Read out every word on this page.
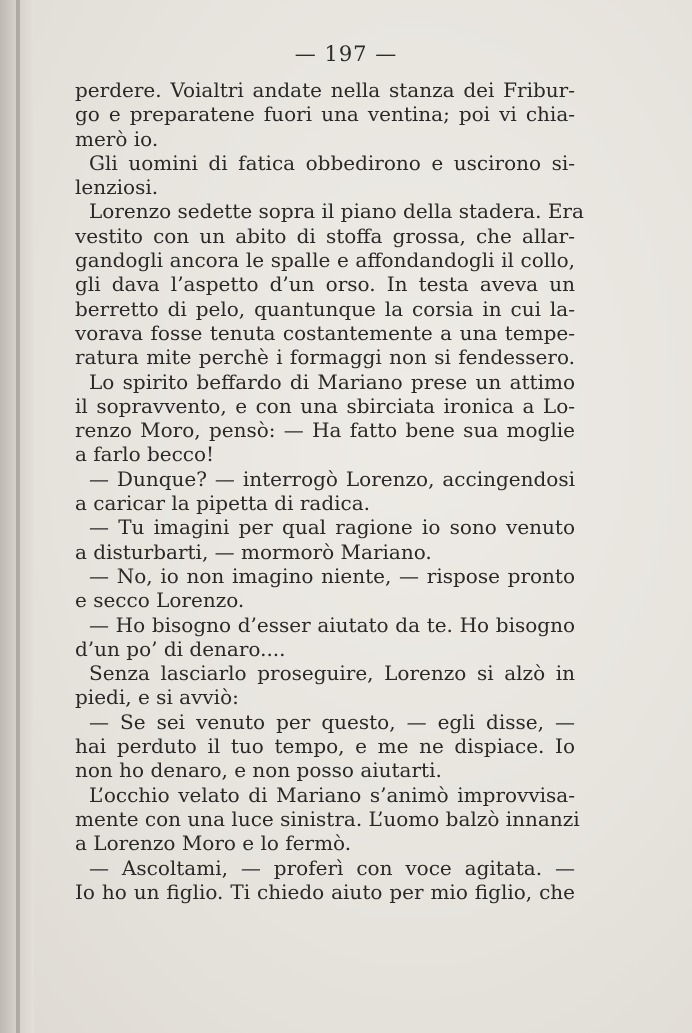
— 197 —
perdere. Voialtri andate nella stanza dei Fribur-
go e preparatene fuori una ventina; poi vi chia-
merò io.
Gli uomini di fatica obbedirono e uscirono si-
lenziosi.
Lorenzo sedette sopra il piano della stadera. Era
vestito con un abito di stoffa grossa, che allar-
gandogli ancora le spalle e affondandogli il collo,
gli dava l’aspetto d’un orso. In testa aveva un
berretto di pelo, quantunque la corsia in cui la-
vorava fosse tenuta costantemente a una tempe-
ratura mite perchè i formaggi non si fendessero.
Lo spirito beffardo di Mariano prese un attimo
il sopravvento, e con una sbirciata ironica a Lo-
renzo Moro, pensò: — Ha fatto bene sua moglie
a farlo becco!
— Dunque? — interrogò Lorenzo, accingendosi
a caricar la pipetta di radica.
— Tu imagini per qual ragione io sono venuto
a disturbarti, — mormorò Mariano.
— No, io non imagino niente, — rispose pronto
e secco Lorenzo.
— Ho bisogno d’esser aiutato da te. Ho bisogno
d’un po’ di denaro....
Senza lasciarlo proseguire, Lorenzo si alzò in
piedi, e si avviò:
— Se sei venuto per questo, — egli disse, —
hai perduto il tuo tempo, e me ne dispiace. Io
non ho denaro, e non posso aiutarti.
L’occhio velato di Mariano s’animò improvvisa-
mente con una luce sinistra. L’uomo balzò innanzi
a Lorenzo Moro e lo fermò.
— Ascoltami, — proferì con voce agitata. —
Io ho un figlio. Ti chiedo aiuto per mio figlio, che
